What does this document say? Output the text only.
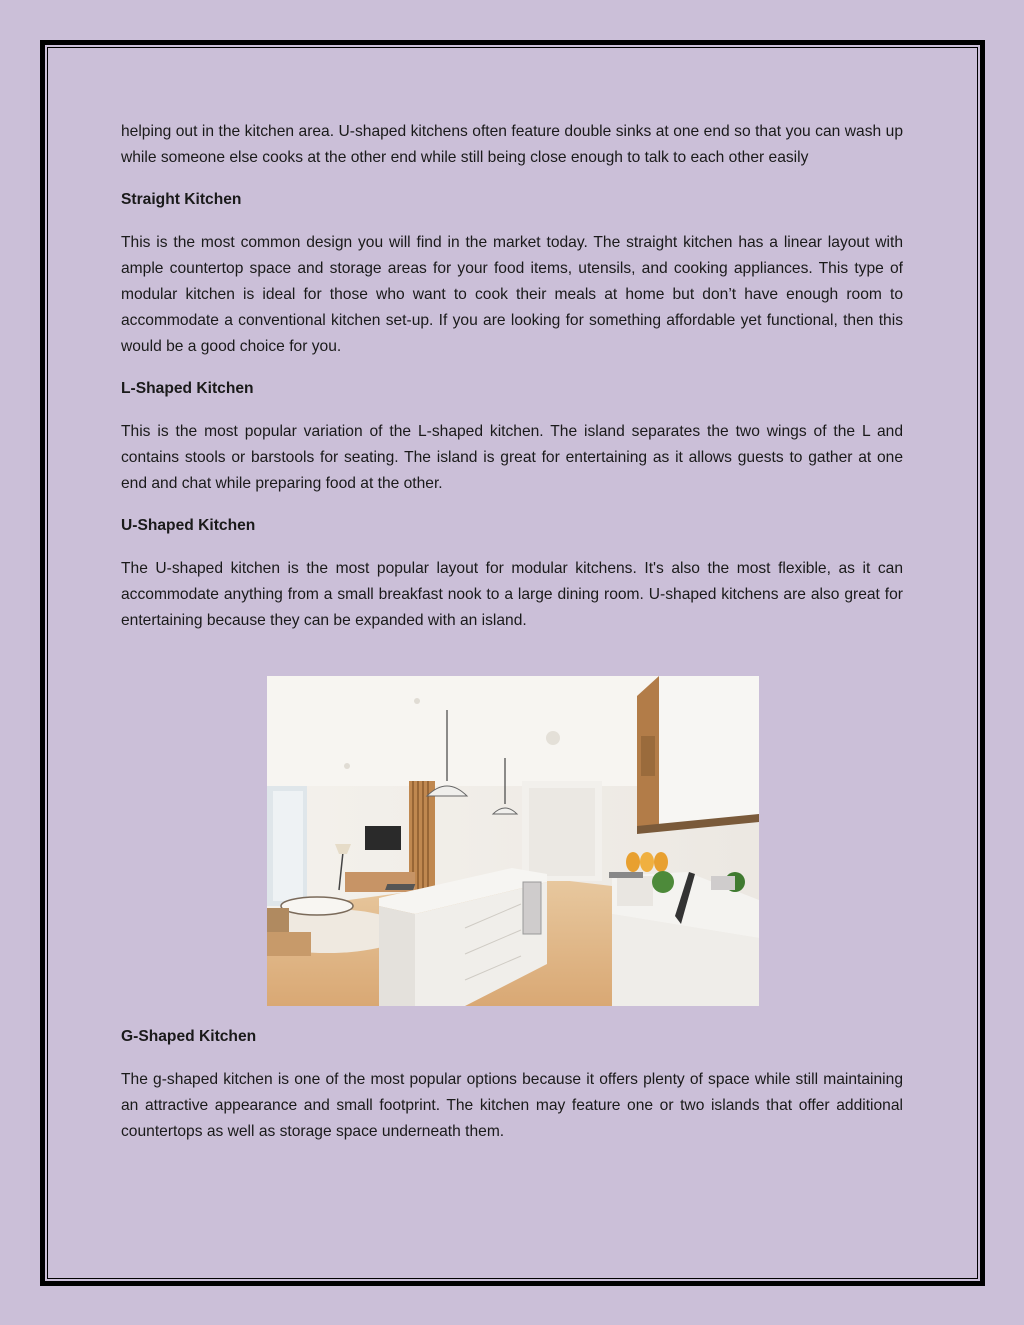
helping out in the kitchen area. U-shaped kitchens often feature double sinks at one end so that you can wash up while someone else cooks at the other end while still being close enough to talk to each other easily

Straight Kitchen

This is the most common design you will find in the market today. The straight kitchen has a linear layout with ample countertop space and storage areas for your food items, utensils, and cooking appliances. This type of modular kitchen is ideal for those who want to cook their meals at home but don’t have enough room to accommodate a conventional kitchen set-up. If you are looking for something affordable yet functional, then this would be a good choice for you.

L-Shaped Kitchen

This is the most popular variation of the L-shaped kitchen. The island separates the two wings of the L and contains stools or barstools for seating. The island is great for entertaining as it allows guests to gather at one end and chat while preparing food at the other.

U-Shaped Kitchen

The U-shaped kitchen is the most popular layout for modular kitchens. It's also the most flexible, as it can accommodate anything from a small breakfast nook to a large dining room. U-shaped kitchens are also great for entertaining because they can be expanded with an island.

G-Shaped Kitchen

The g-shaped kitchen is one of the most popular options because it offers plenty of space while still maintaining an attractive appearance and small footprint. The kitchen may feature one or two islands that offer additional countertops as well as storage space underneath them.
